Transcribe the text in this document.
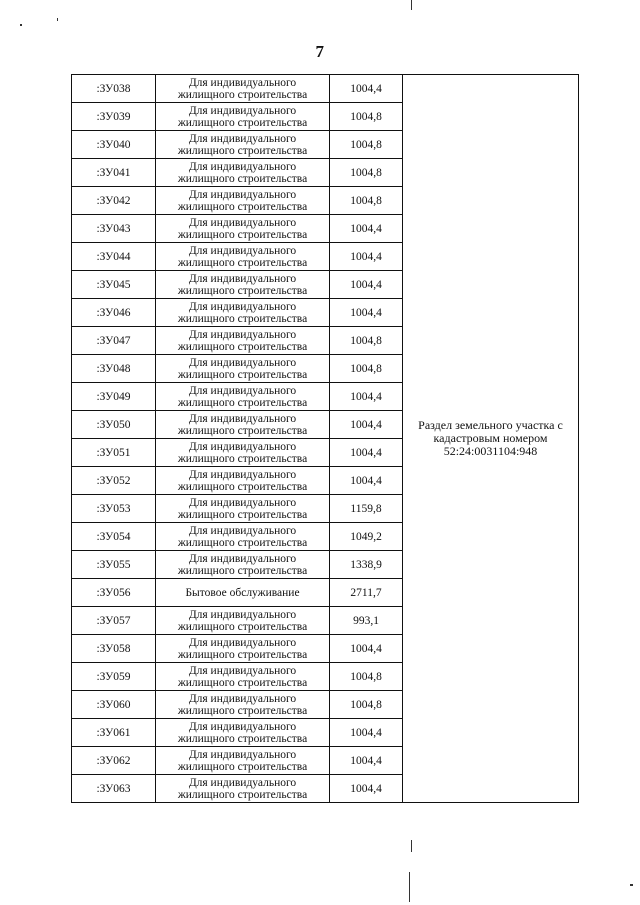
7
:ЗУ038	Для индивидуального
жилищного строительства	1004,4	Раздел земельного участка с
кадастровым номером
52:24:0031104:948

:ЗУ039	Для индивидуального
жилищного строительства	1004,8	
:ЗУ040	Для индивидуального
жилищного строительства	1004,8	
:ЗУ041	Для индивидуального
жилищного строительства	1004,8	
:ЗУ042	Для индивидуального
жилищного строительства	1004,8	
:ЗУ043	Для индивидуального
жилищного строительства	1004,4	
:ЗУ044	Для индивидуального
жилищного строительства	1004,4	
:ЗУ045	Для индивидуального
жилищного строительства	1004,4	
:ЗУ046	Для индивидуального
жилищного строительства	1004,4	
:ЗУ047	Для индивидуального
жилищного строительства	1004,8	
:ЗУ048	Для индивидуального
жилищного строительства	1004,8	
:ЗУ049	Для индивидуального
жилищного строительства	1004,4	
:ЗУ050	Для индивидуального
жилищного строительства	1004,4	
:ЗУ051	Для индивидуального
жилищного строительства	1004,4	
:ЗУ052	Для индивидуального
жилищного строительства	1004,4	
:ЗУ053	Для индивидуального
жилищного строительства	1159,8	
:ЗУ054	Для индивидуального
жилищного строительства	1049,2	
:ЗУ055	Для индивидуального
жилищного строительства	1338,9	
:ЗУ056	Бытовое обслуживание	2711,7	
:ЗУ057	Для индивидуального
жилищного строительства	993,1	
:ЗУ058	Для индивидуального
жилищного строительства	1004,4	
:ЗУ059	Для индивидуального
жилищного строительства	1004,8	
:ЗУ060	Для индивидуального
жилищного строительства	1004,8	
:ЗУ061	Для индивидуального
жилищного строительства	1004,4	
:ЗУ062	Для индивидуального
жилищного строительства	1004,4	
:ЗУ063	Для индивидуального
жилищного строительства	1004,4	
